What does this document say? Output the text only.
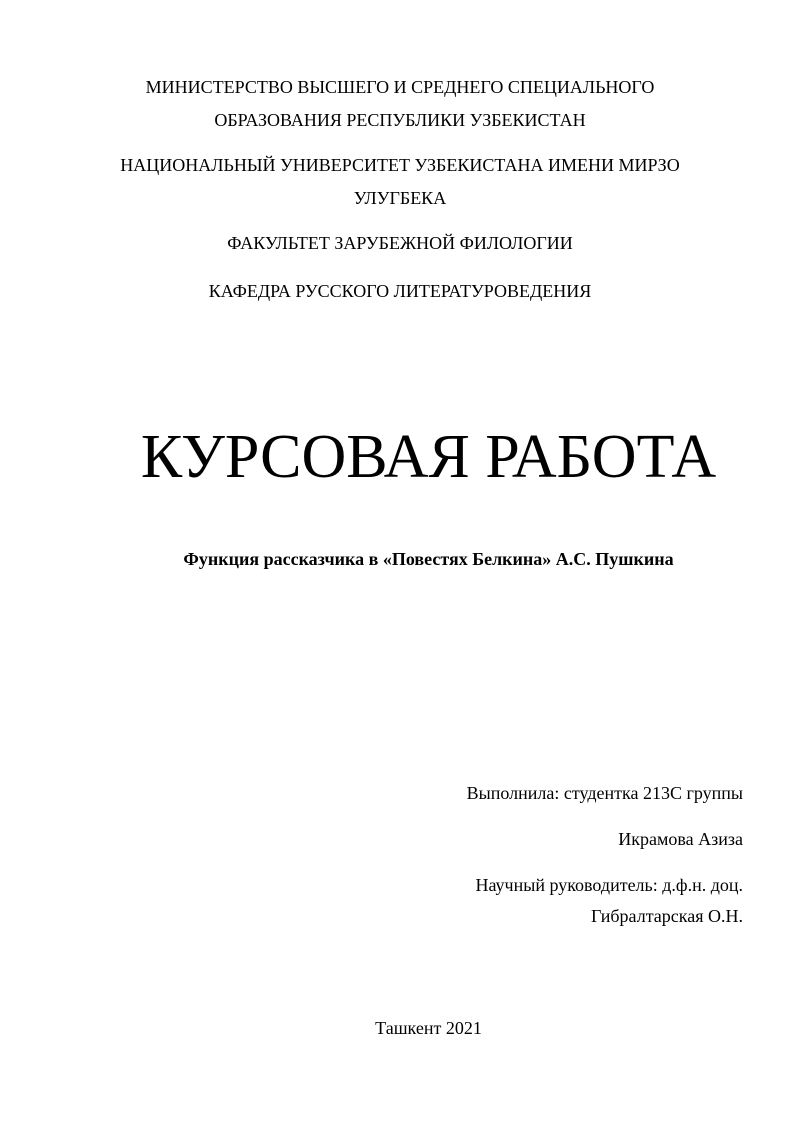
МИНИСТЕРСТВО ВЫСШЕГО И СРЕДНЕГО СПЕЦИАЛЬНОГО
ОБРАЗОВАНИЯ РЕСПУБЛИКИ УЗБЕКИСТАН
НАЦИОНАЛЬНЫЙ УНИВЕРСИТЕТ УЗБЕКИСТАНА ИМЕНИ МИРЗО
УЛУГБЕКА
ФАКУЛЬТЕТ ЗАРУБЕЖНОЙ ФИЛОЛОГИИ
КАФЕДРА РУССКОГО ЛИТЕРАТУРОВЕДЕНИЯ
КУРСОВАЯ РАБОТА
Функция рассказчика в «Повестях Белкина» А.С. Пушкина
Выполнила: студентка 213С группы
Икрамова Азиза
Научный руководитель: д.ф.н. доц.
Гибралтарская О.Н.
Ташкент 2021
